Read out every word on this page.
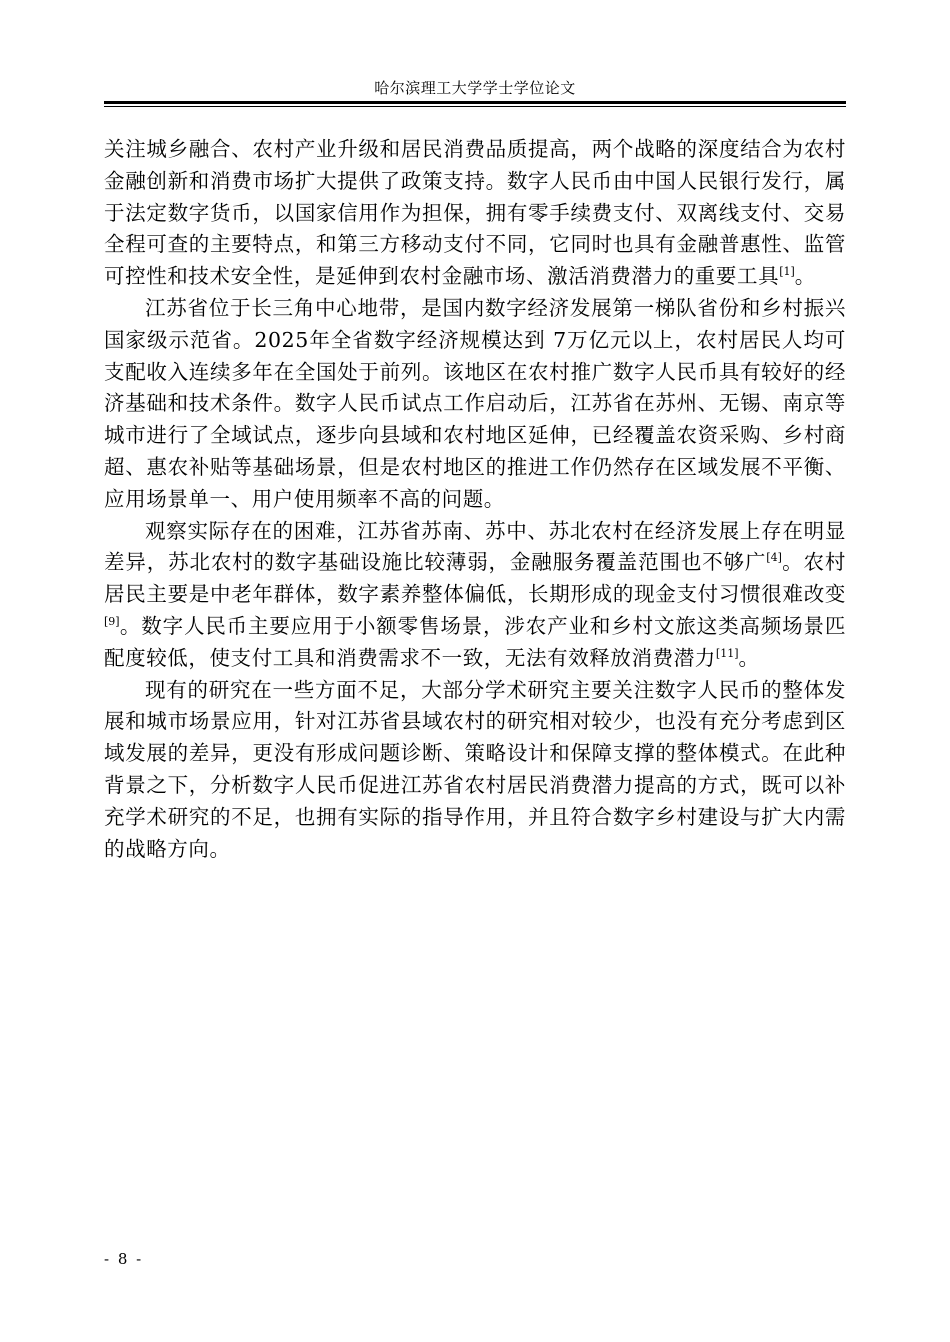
哈尔滨理工大学学士学位论文

关注城乡融合、农村产业升级和居民消费品质提高，两个战略的深度结合为农村金融创新和消费市场扩大提供了政策支持。数字人民币由中国人民银行发行，属于法定数字货币，以国家信用作为担保，拥有零手续费支付、双离线支付、交易全程可查的主要特点，和第三方移动支付不同，它同时也具有金融普惠性、监管可控性和技术安全性，是延伸到农村金融市场、激活消费潜力的重要工具[1]。

江苏省位于长三角中心地带，是国内数字经济发展第一梯队省份和乡村振兴国家级示范省。2025年全省数字经济规模达到 7万亿元以上，农村居民人均可支配收入连续多年在全国处于前列。该地区在农村推广数字人民币具有较好的经济基础和技术条件。数字人民币试点工作启动后，江苏省在苏州、无锡、南京等城市进行了全域试点，逐步向县域和农村地区延伸，已经覆盖农资采购、乡村商超、惠农补贴等基础场景，但是农村地区的推进工作仍然存在区域发展不平衡、应用场景单一、用户使用频率不高的问题。

观察实际存在的困难，江苏省苏南、苏中、苏北农村在经济发展上存在明显差异，苏北农村的数字基础设施比较薄弱，金融服务覆盖范围也不够广[4]。农村居民主要是中老年群体，数字素养整体偏低，长期形成的现金支付习惯很难改变[9]。数字人民币主要应用于小额零售场景，涉农产业和乡村文旅这类高频场景匹配度较低，使支付工具和消费需求不一致，无法有效释放消费潜力[11]。

现有的研究在一些方面不足，大部分学术研究主要关注数字人民币的整体发展和城市场景应用，针对江苏省县域农村的研究相对较少，也没有充分考虑到区域发展的差异，更没有形成问题诊断、策略设计和保障支撑的整体模式。在此种背景之下，分析数字人民币促进江苏省农村居民消费潜力提高的方式，既可以补充学术研究的不足，也拥有实际的指导作用，并且符合数字乡村建设与扩大内需的战略方向。

- 8 -
